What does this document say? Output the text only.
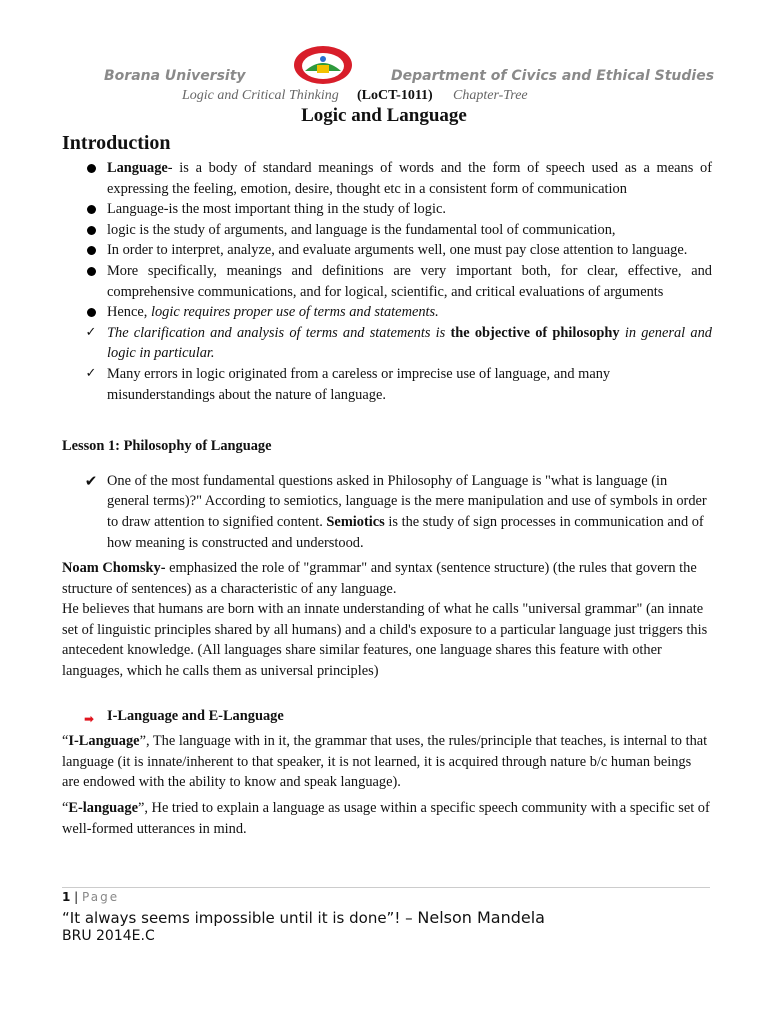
Borana University	Department of Civics and Ethical Studies
Logic and Critical Thinking (LoCT-1011) Chapter-Tree
Logic and Language
Introduction
Language- is a body of standard meanings of words and the form of speech used as a means of expressing the feeling, emotion, desire, thought etc in a consistent form of communication
Language-is the most important thing in the study of logic.
logic is the study of arguments, and language is the fundamental tool of communication,
In order to interpret, analyze, and evaluate arguments well, one must pay close attention to language.
More specifically, meanings and definitions are very important both, for clear, effective, and comprehensive communications, and for logical, scientific, and critical evaluations of arguments
Hence, logic requires proper use of terms and statements.
✓ The clarification and analysis of terms and statements is the objective of philosophy in general and logic in particular.
✓ Many errors in logic originated from a careless or imprecise use of language, and many misunderstandings about the nature of language.
Lesson 1: Philosophy of Language
✔ One of the most fundamental questions asked in Philosophy of Language is "what is language (in general terms)?" According to semiotics, language is the mere manipulation and use of symbols in order to draw attention to signified content. Semiotics is the study of sign processes in communication and of how meaning is constructed and understood.
Noam Chomsky- emphasized the role of "grammar" and syntax (sentence structure) (the rules that govern the structure of sentences) as a characteristic of any language.
He believes that humans are born with an innate understanding of what he calls "universal grammar" (an innate set of linguistic principles shared by all humans) and a child's exposure to a particular language just triggers this antecedent knowledge. (All languages share similar features, one language shares this feature with other languages, which he calls them as universal principles)
➡ I-Language and E-Language
“I-Language”, The language with in it, the grammar that uses, the rules/principle that teaches, is internal to that language (it is innate/inherent to that speaker, it is not learned, it is acquired through nature b/c human beings are endowed with the ability to know and speak language).
“E-language”, He tried to explain a language as usage within a specific speech community with a specific set of well-formed utterances in mind.
1 | Page
“It always seems impossible until it is done”! – Nelson Mandela
BRU 2014E.C
